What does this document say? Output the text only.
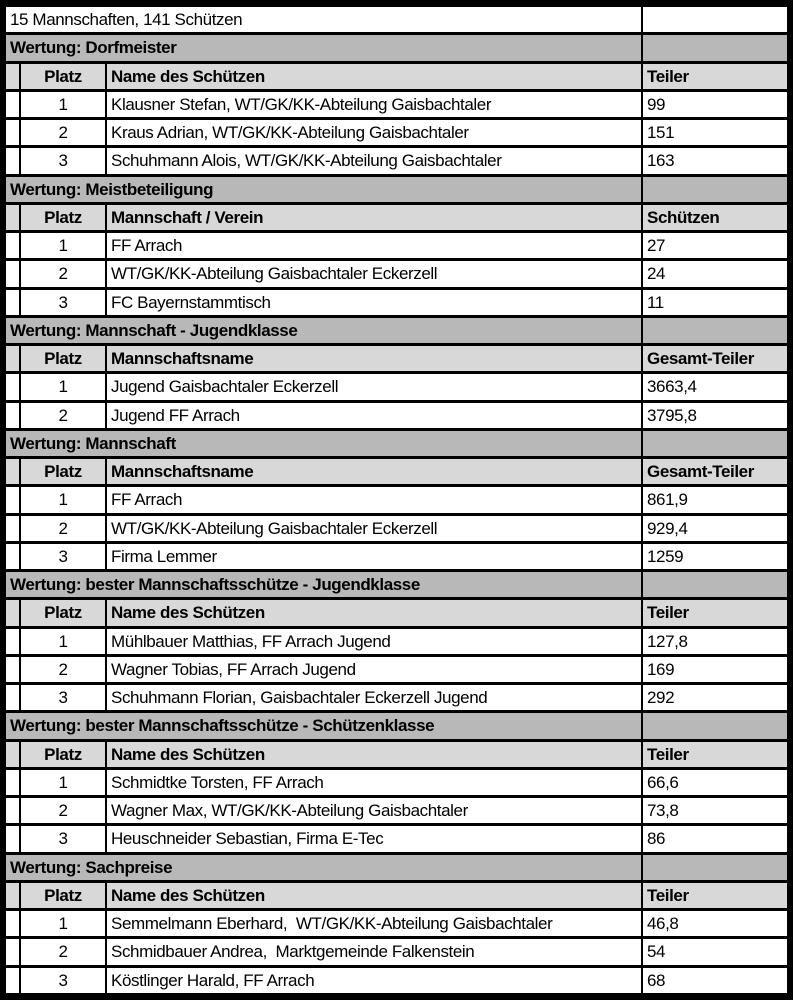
15 Mannschaften, 141 Schützen			
Wertung: Dorfmeister			
	Platz	Name des Schützen	Teiler
	1	Klausner Stefan, WT/GK/KK-Abteilung Gaisbachtaler	99
	2	Kraus Adrian, WT/GK/KK-Abteilung Gaisbachtaler	151
	3	Schuhmann Alois, WT/GK/KK-Abteilung Gaisbachtaler	163
Wertung: Meistbeteiligung			
	Platz	Mannschaft / Verein	Schützen
	1	FF Arrach	27
	2	WT/GK/KK-Abteilung Gaisbachtaler Eckerzell	24
	3	FC Bayernstammtisch	11
Wertung: Mannschaft - Jugendklasse			
	Platz	Mannschaftsname	Gesamt-Teiler
	1	Jugend Gaisbachtaler Eckerzell	3663,4
	2	Jugend FF Arrach	3795,8
Wertung: Mannschaft			
	Platz	Mannschaftsname	Gesamt-Teiler
	1	FF Arrach	861,9
	2	WT/GK/KK-Abteilung Gaisbachtaler Eckerzell	929,4
	3	Firma Lemmer	1259
Wertung: bester Mannschaftsschütze - Jugendklasse			
	Platz	Name des Schützen	Teiler
	1	Mühlbauer Matthias, FF Arrach Jugend	127,8
	2	Wagner Tobias, FF Arrach Jugend	169
	3	Schuhmann Florian, Gaisbachtaler Eckerzell Jugend	292
Wertung: bester Mannschaftsschütze - Schützenklasse			
	Platz	Name des Schützen	Teiler
	1	Schmidtke Torsten, FF Arrach	66,6
	2	Wagner Max, WT/GK/KK-Abteilung Gaisbachtaler	73,8
	3	Heuschneider Sebastian, Firma E-Tec	86
Wertung: Sachpreise			
	Platz	Name des Schützen	Teiler
	1	Semmelmann Eberhard,  WT/GK/KK-Abteilung Gaisbachtaler	46,8
	2	Schmidbauer Andrea,  Marktgemeinde Falkenstein	54
	3	Köstlinger Harald, FF Arrach	68
